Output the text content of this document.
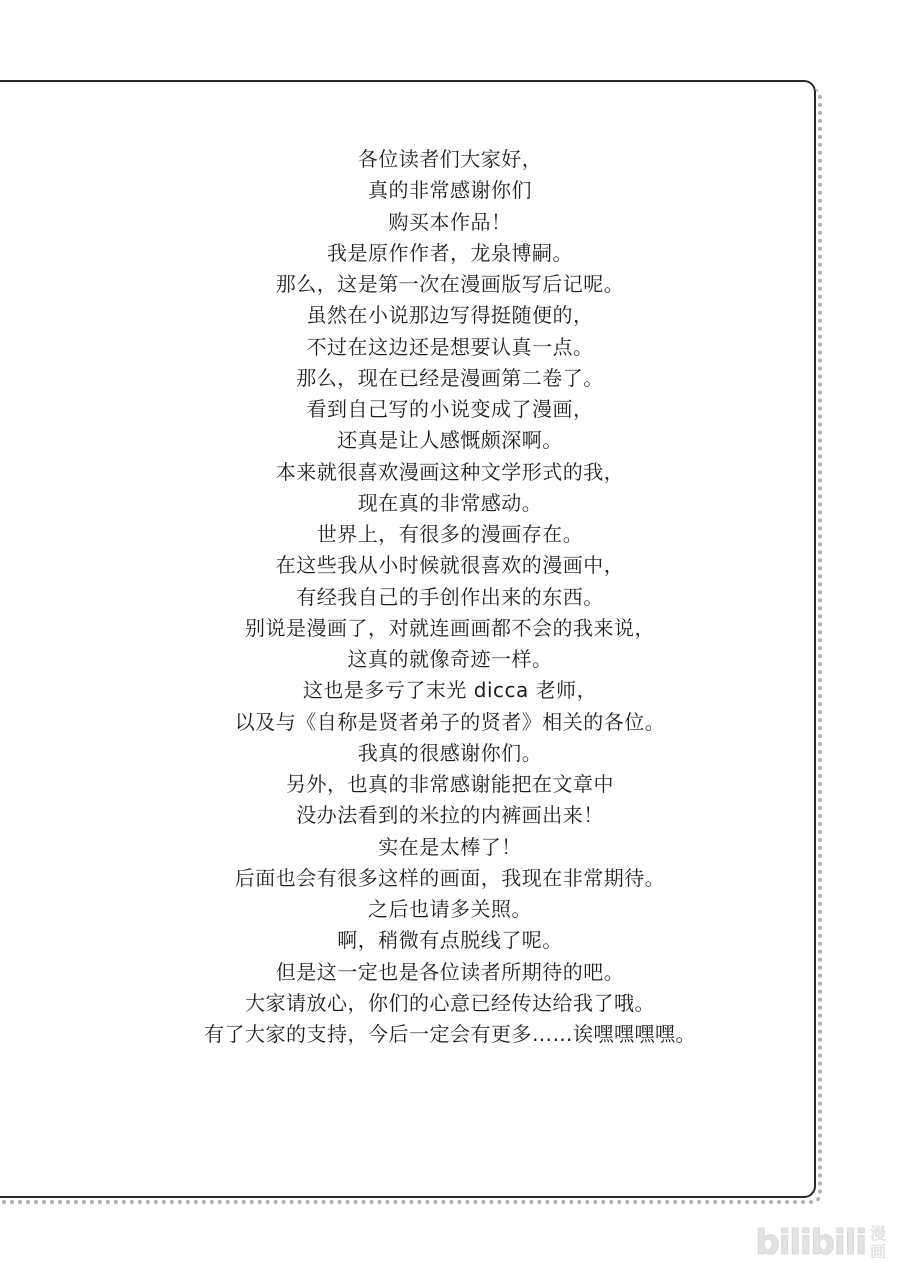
各位读者们大家好，
真的非常感谢你们
购买本作品！
我是原作作者，龙泉博嗣。
那么，这是第一次在漫画版写后记呢。
虽然在小说那边写得挺随便的，
不过在这边还是想要认真一点。
那么，现在已经是漫画第二卷了。
看到自己写的小说变成了漫画，
还真是让人感慨颇深啊。
本来就很喜欢漫画这种文学形式的我，
现在真的非常感动。
世界上，有很多的漫画存在。
在这些我从小时候就很喜欢的漫画中，
有经我自己的手创作出来的东西。
别说是漫画了，对就连画画都不会的我来说，
这真的就像奇迹一样。
这也是多亏了末光 dicca 老师，
以及与《自称是贤者弟子的贤者》相关的各位。
我真的很感谢你们。
另外，也真的非常感谢能把在文章中
没办法看到的米拉的内裤画出来！
实在是太棒了！
后面也会有很多这样的画面，我现在非常期待。
之后也请多关照。
啊，稍微有点脱线了呢。
但是这一定也是各位读者所期待的吧。
大家请放心，你们的心意已经传达给我了哦。
有了大家的支持，今后一定会有更多……诶嘿嘿嘿嘿。
bilibili 漫
画
